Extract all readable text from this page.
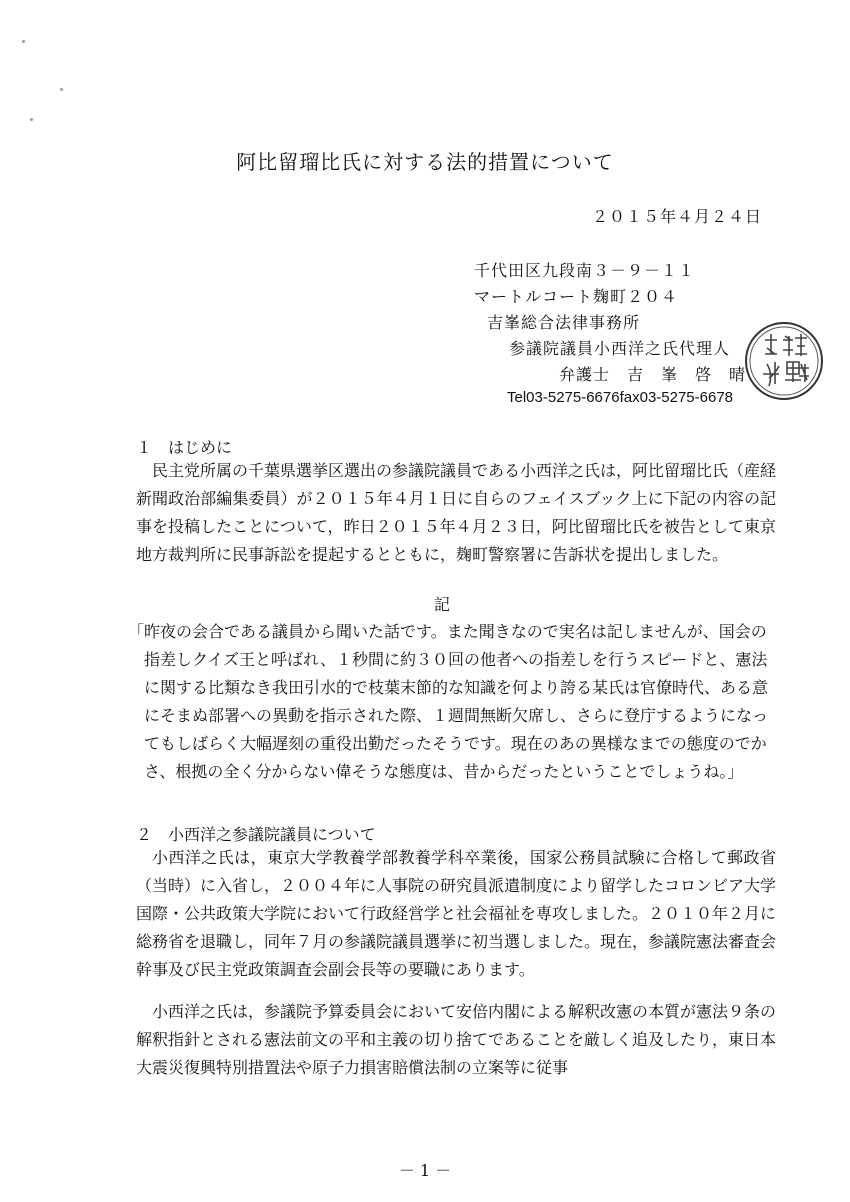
阿比留瑠比氏に対する法的措置について
２０１５年４月２４日
千代田区九段南３－９－１１
マートルコート麹町２０４
吉峯総合法律事務所
参議院議員小西洋之氏代理人
弁護士　吉　峯　啓　晴
Tel03-5275-6676fax03-5275-6678
１　はじめに
民主党所属の千葉県選挙区選出の参議院議員である小西洋之氏は，阿比留瑠比氏（産経新聞政治部編集委員）が２０１５年４月１日に自らのフェイスブック上に下記の内容の記事を投稿したことについて，昨日２０１５年４月２３日，阿比留瑠比氏を被告として東京地方裁判所に民事訴訟を提起するとともに，麹町警察署に告訴状を提出しました。
記
「 昨夜の会合である議員から聞いた話です。また聞きなので実名は記しませんが、国会の指差しクイズ王と呼ばれ、１秒間に約３０回の他者への指差しを行うスピードと、憲法に関する比類なき我田引水的で枝葉末節的な知識を何より誇る某氏は官僚時代、ある意にそまぬ部署への異動を指示された際、１週間無断欠席し、さらに登庁するようになってもしばらく大幅遅刻の重役出勤だったそうです。現在のあの異様なまでの態度のでかさ、根拠の全く分からない偉そうな態度は、昔からだったということでしょうね。」
２　小西洋之参議院議員について
小西洋之氏は，東京大学教養学部教養学科卒業後，国家公務員試験に合格して郵政省（当時）に入省し，２００４年に人事院の研究員派遣制度により留学したコロンビア大学国際・公共政策大学院において行政経営学と社会福祉を専攻しました。２０１０年２月に総務省を退職し，同年７月の参議院議員選挙に初当選しました。現在，参議院憲法審査会幹事及び民主党政策調査会副会長等の要職にあります。
小西洋之氏は，参議院予算委員会において安倍内閣による解釈改憲の本質が憲法９条の解釈指針とされる憲法前文の平和主義の切り捨てであることを厳しく追及したり，東日本大震災復興特別措置法や原子力損害賠償法制の立案等に従事
－ 1 －
